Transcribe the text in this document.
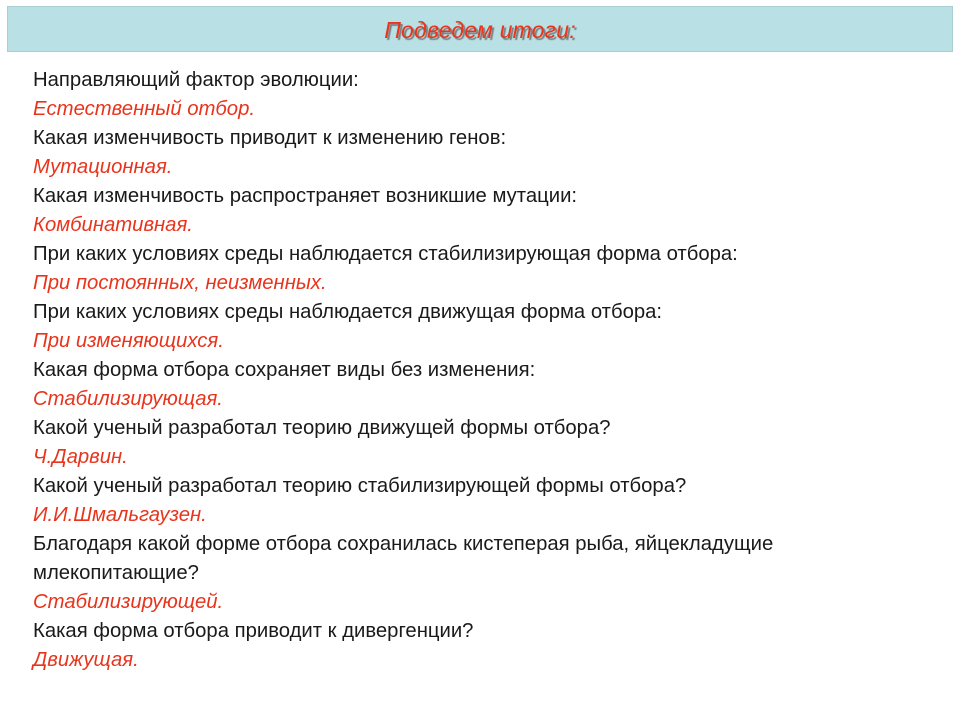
Подведем итоги:
Направляющий фактор эволюции:
Естественный отбор.
Какая изменчивость приводит к изменению генов:
Мутационная.
Какая изменчивость распространяет возникшие мутации:
Комбинативная.
При каких условиях среды наблюдается стабилизирующая форма отбора:
При постоянных, неизменных.
При каких условиях среды наблюдается движущая форма отбора:
При изменяющихся.
Какая форма отбора сохраняет виды без изменения:
Стабилизирующая.
Какой ученый разработал теорию движущей формы отбора?
Ч.Дарвин.
Какой ученый разработал теорию стабилизирующей формы отбора?
И.И.Шмальгаузен.
Благодаря какой форме отбора сохранилась кистеперая рыба, яйцекладущие млекопитающие?
Стабилизирующей.
Какая форма отбора приводит к дивергенции?
Движущая.
